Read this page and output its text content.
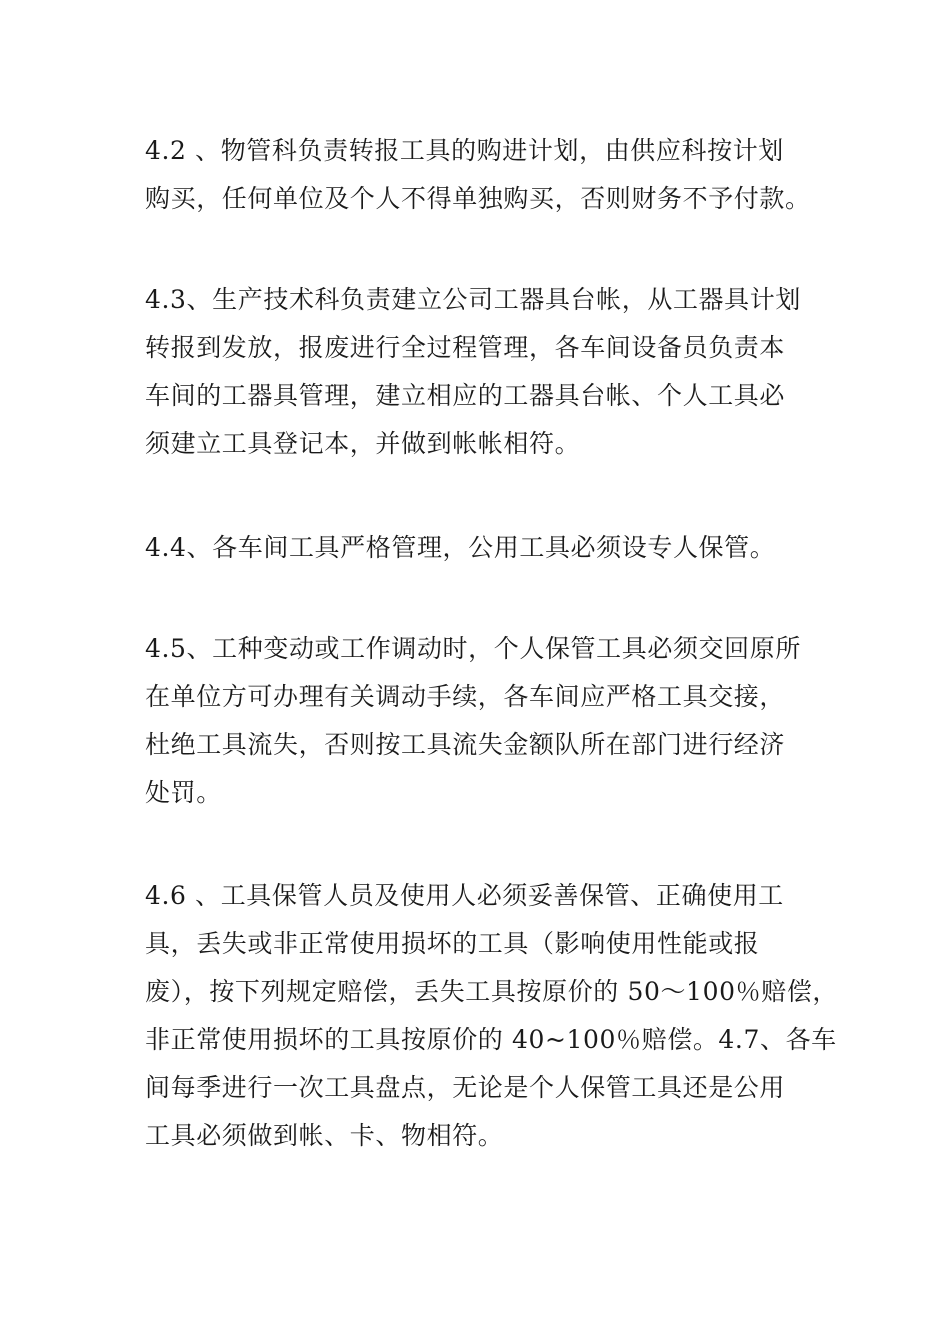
4.2 、物管科负责转报工具的购进计划，由供应科按计划
购买，任何单位及个人不得单独购买，否则财务不予付款。
4.3、生产技术科负责建立公司工器具台帐，从工器具计划
转报到发放，报废进行全过程管理，各车间设备员负责本
车间的工器具管理，建立相应的工器具台帐、个人工具必
须建立工具登记本，并做到帐帐相符。
4.4、各车间工具严格管理，公用工具必须设专人保管。
4.5、工种变动或工作调动时，个人保管工具必须交回原所
在单位方可办理有关调动手续，各车间应严格工具交接，
杜绝工具流失，否则按工具流失金额队所在部门进行经济
处罚。
4.6 、工具保管人员及使用人必须妥善保管、正确使用工
具，丢失或非正常使用损坏的工具（影响使用性能或报
废），按下列规定赔偿，丢失工具按原价的 50～100％赔偿，
非正常使用损坏的工具按原价的 40~100％赔偿。4.7、各车
间每季进行一次工具盘点，无论是个人保管工具还是公用
工具必须做到帐、卡、物相符。
